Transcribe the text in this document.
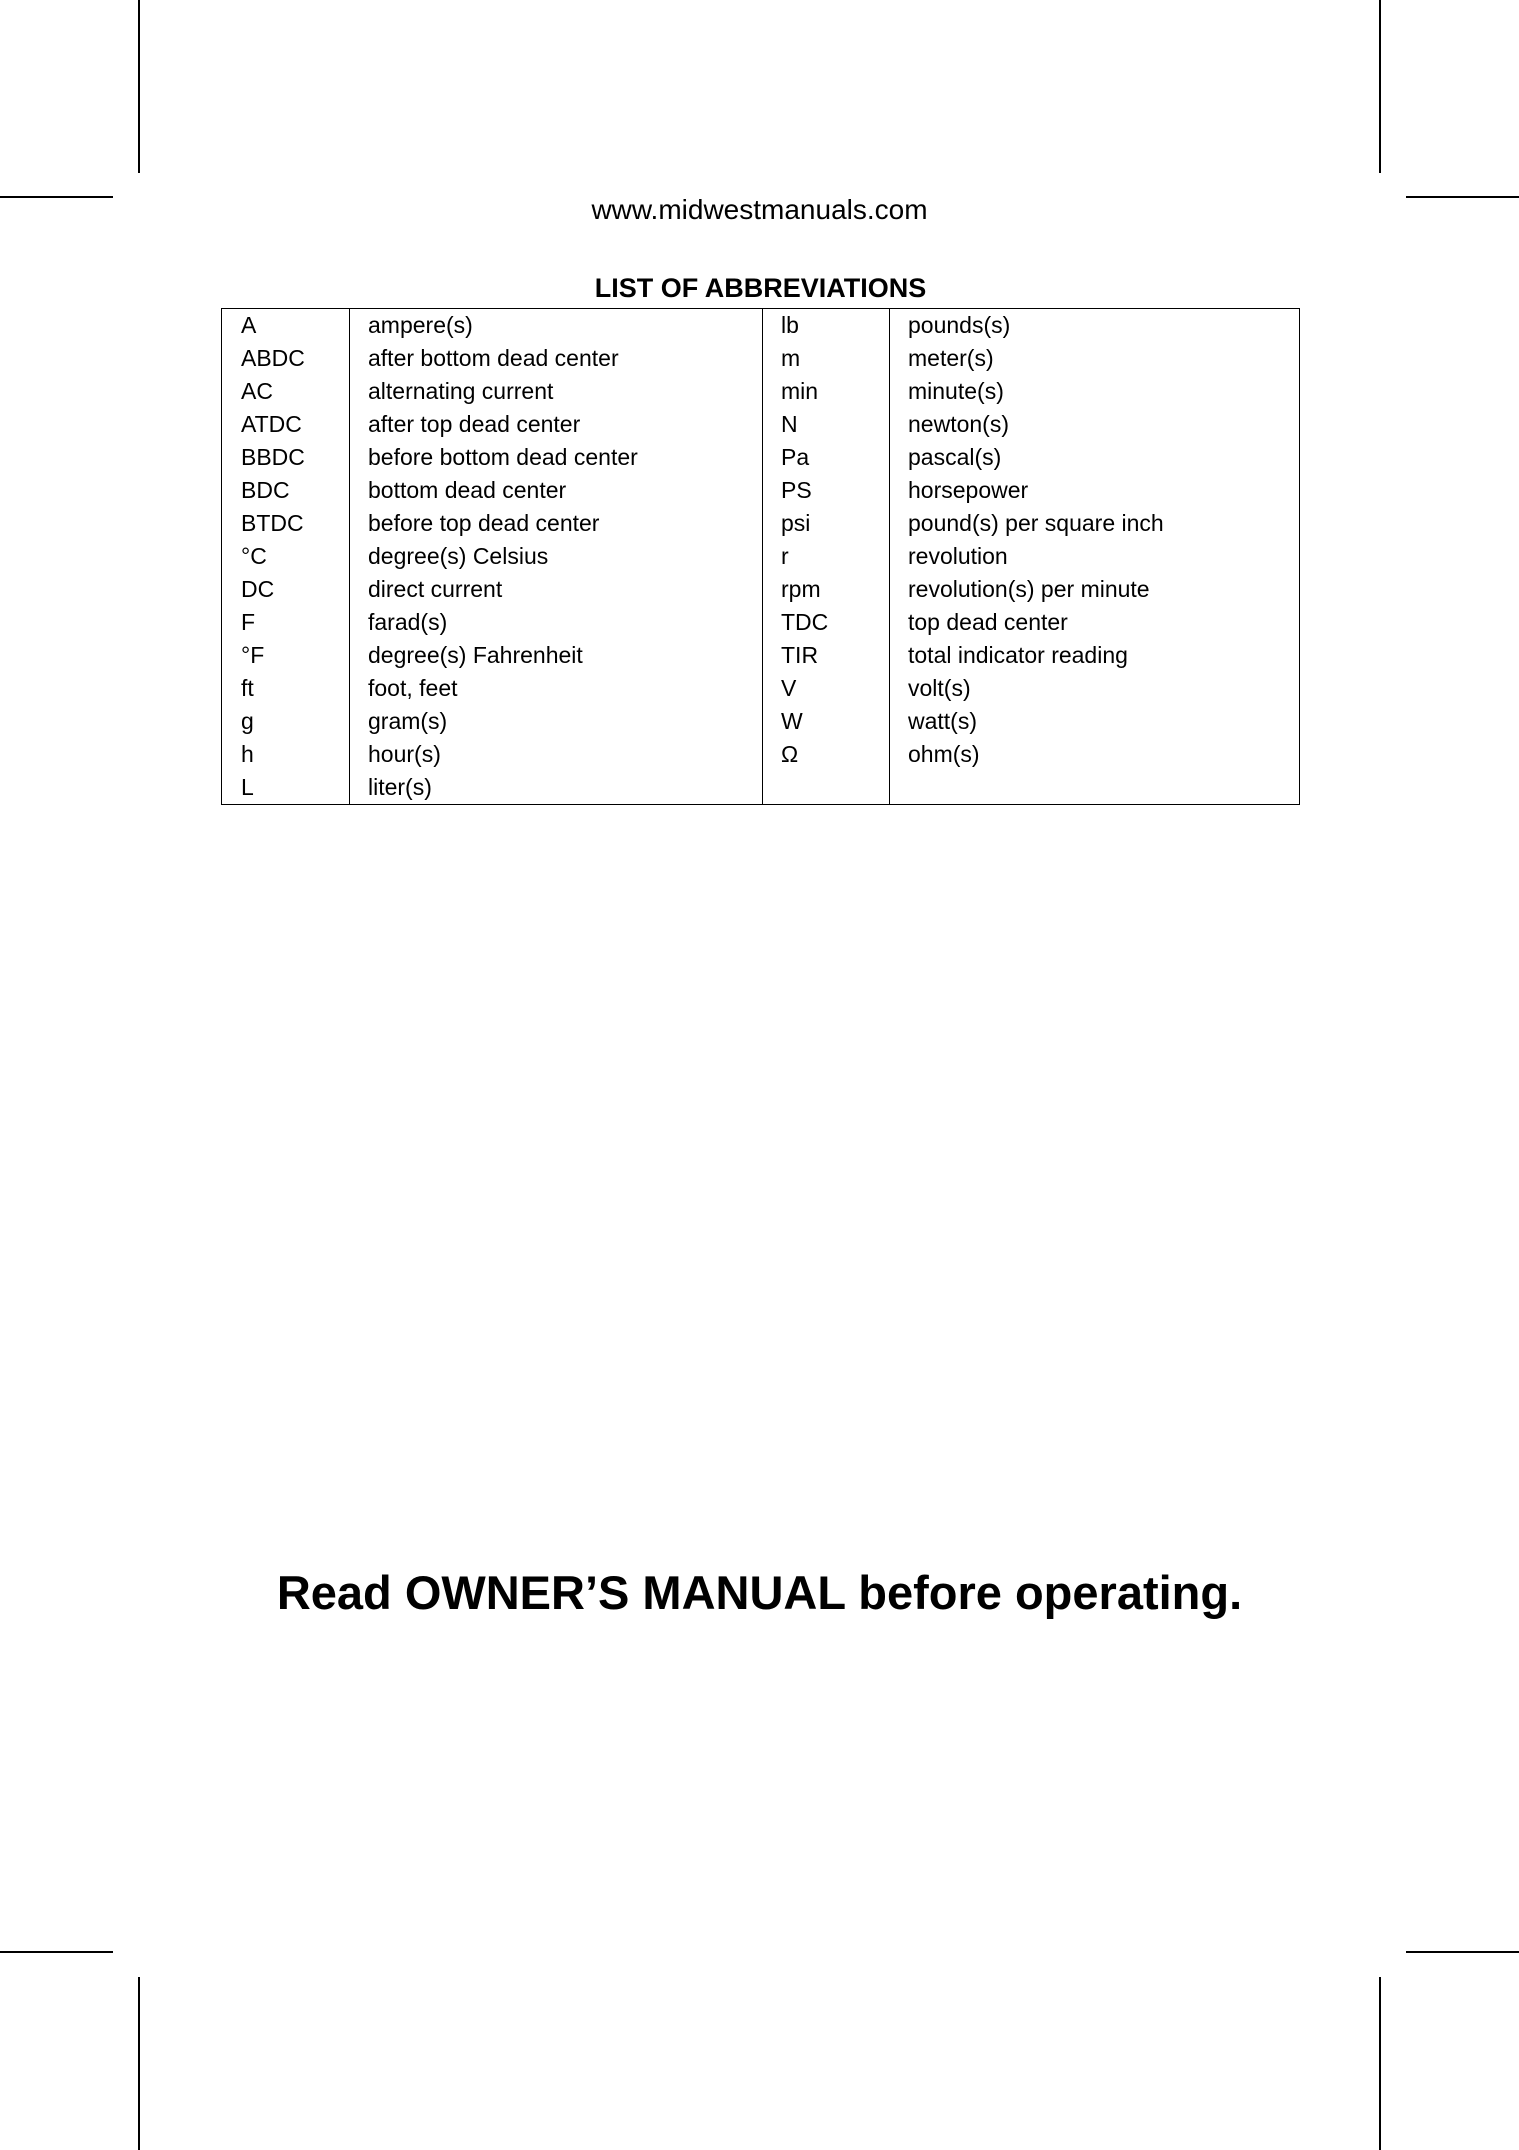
www.midwestmanuals.com
LIST OF ABBREVIATIONS
A
ABDC
AC
ATDC
BBDC
BDC
BTDC
°C
DC
F
°F
ft
g
h
L
ampere(s)
after bottom dead center
alternating current
after top dead center
before bottom dead center
bottom dead center
before top dead center
degree(s) Celsius
direct current
farad(s)
degree(s) Fahrenheit
foot, feet
gram(s)
hour(s)
liter(s)
lb
m
min
N
Pa
PS
psi
r
rpm
TDC
TIR
V
W
Ω
pounds(s)
meter(s)
minute(s)
newton(s)
pascal(s)
horsepower
pound(s) per square inch
revolution
revolution(s) per minute
top dead center
total indicator reading
volt(s)
watt(s)
ohm(s)
Read OWNER’S MANUAL before operating.
